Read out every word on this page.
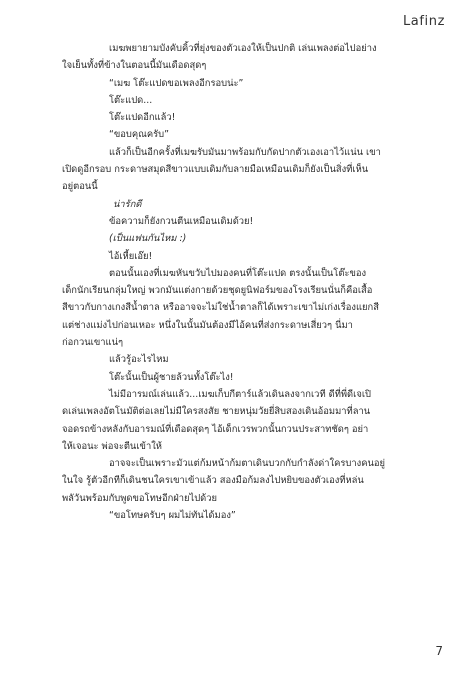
Lafinz
เมฆพยายามบังคับคิ้วที่ยุ่งของตัวเองให้เป็นปกติ เล่นเพลงต่อไปอย่าง
ใจเย็นทั้งที่ข้างในตอนนี้มันเดือดสุดๆ
“เมฆ โต๊ะแปดขอเพลงอีกรอบน่ะ”
โต๊ะแปด...
โต๊ะแปดอีกแล้ว!
“ขอบคุณครับ”
แล้วก็เป็นอีกครั้งที่เมฆรับมันมาพร้อมกับกัดปากตัวเองเอาไว้แน่น เขา
เปิดดูอีกรอบ กระดาษสมุดสีขาวแบบเดิมกับลายมือเหมือนเดิมก็ยังเป็นสิ่งที่เห็น
อยู่ตอนนี้
น่ารักดี
ข้อความก็ยังกวนตีนเหมือนเดิมด้วย!
(เป็นแฟนกันไหม :)
ไอ้เหี้ยเอ๊ย!
ตอนนั้นเองที่เมฆหันขวับไปมองคนที่โต๊ะแปด ตรงนั้นเป็นโต๊ะของ
เด็กนักเรียนกลุ่มใหญ่ พวกมันแต่งกายด้วยชุดยูนิฟอร์มของโรงเรียนนั่นก็คือเสื้อ
สีขาวกับกางเกงสีน้ำตาล หรืออาจจะไม่ใช่น้ำตาลก็ได้เพราะเขาไม่เก่งเรื่องแยกสี
แต่ช่างแม่งไปก่อนเหอะ หนึ่งในนั้นมันต้องมีไอ้คนที่ส่งกระดาษเสี่ยวๆ นี่มา
ก่อกวนเขาแน่ๆ
แล้วรู้อะไรไหม
โต๊ะนั้นเป็นผู้ชายล้วนทั้งโต๊ะไง!
ไม่มีอารมณ์เล่นแล้ว...เมฆเก็บกีตาร์แล้วเดินลงจากเวที ดีที่พี่ดีเจเปิ
ดเล่นเพลงอัตโนมัติต่อเลยไม่มีใครสงสัย ชายหนุ่มวัยยี่สิบสองเดินอ้อมมาที่ลาน
จอดรถข้างหลังกับอารมณ์ที่เดือดสุดๆ ไอ้เด็กเวรพวกนั้นกวนประสาทชัดๆ อย่า
ให้เจอนะ พ่อจะตีนเข้าให้
อาจจะเป็นเพราะมัวแต่ก้มหน้าก้มตาเดินบวกกับกำลังด่าใครบางคนอยู่
ในใจ รู้ตัวอีกทีก็เดินชนใครเขาเข้าแล้ว สองมือก้มลงไปหยิบของตัวเองที่หล่น
พลัวันพร้อมกับพูดขอโทษอีกฝ่ายไปด้วย
“ขอโทษครับๆ ผมไม่ทันได้มอง”
7
